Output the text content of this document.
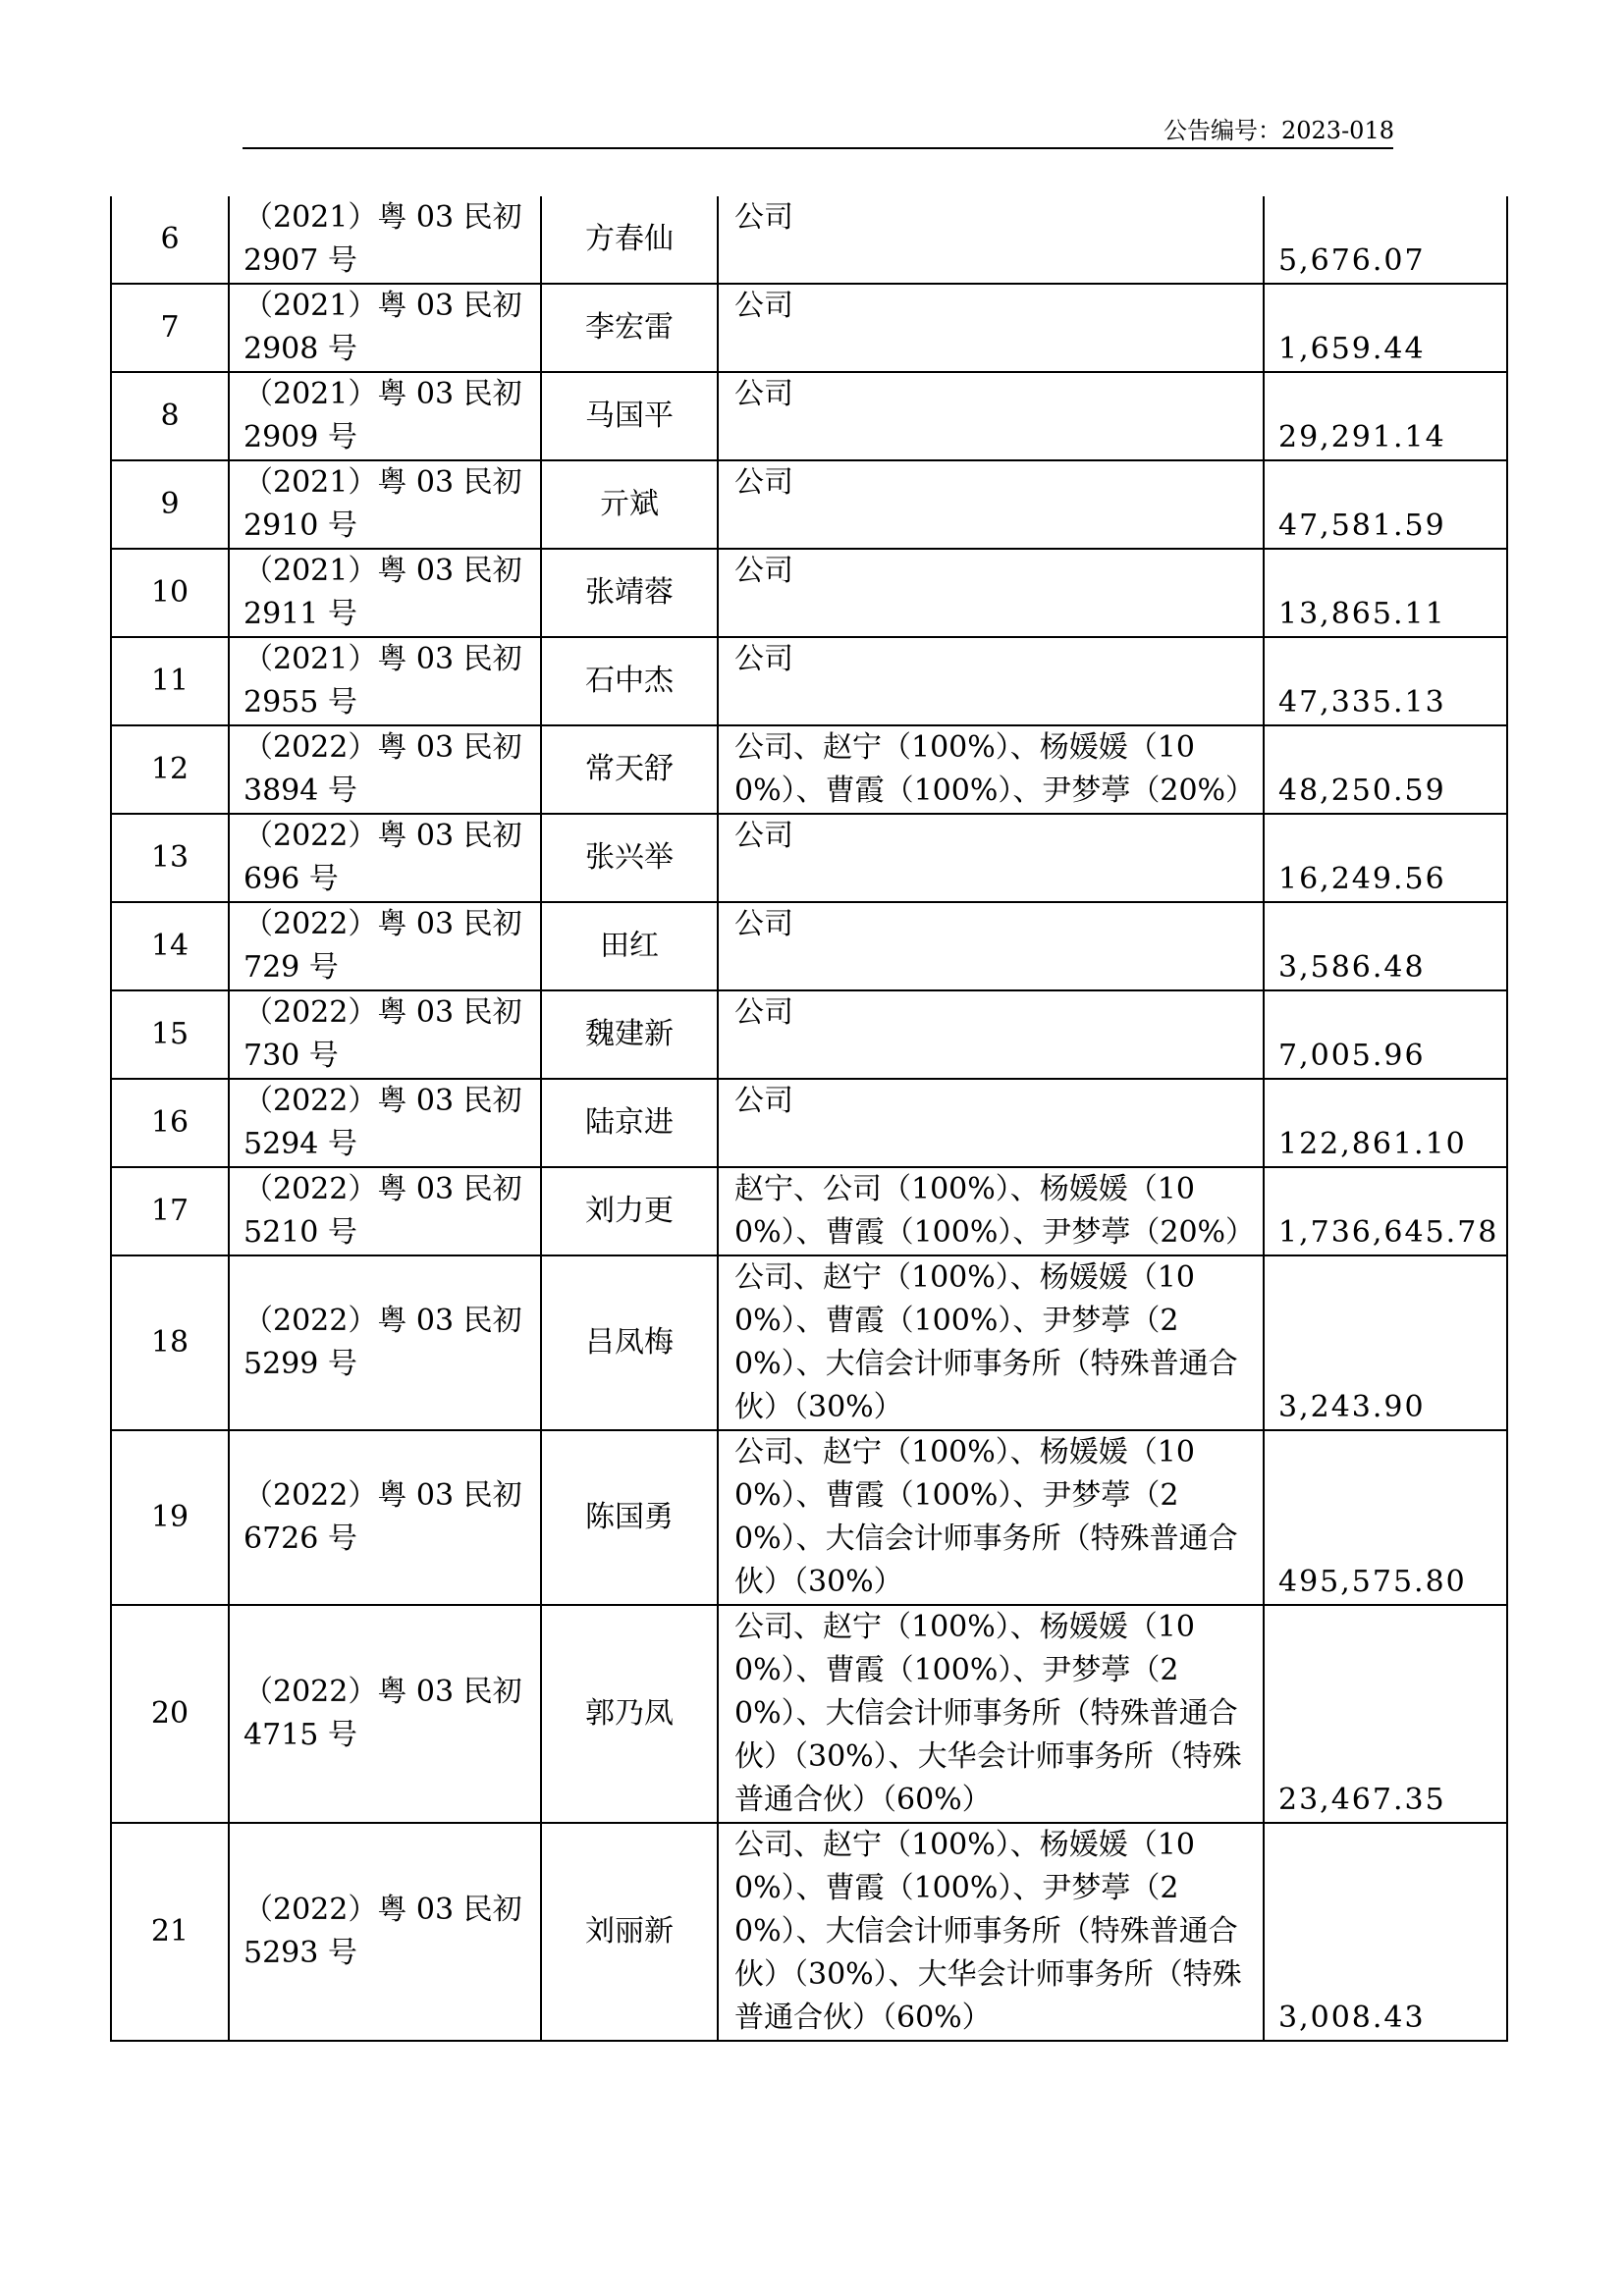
公告编号：2023-018
6	（2021）粤 03 民初 2907 号	方春仙	公司	5,676.07
7	（2021）粤 03 民初 2908 号	李宏雷	公司	1,659.44
8	（2021）粤 03 民初 2909 号	马国平	公司	29,291.14
9	（2021）粤 03 民初 2910 号	亓斌	公司	47,581.59
10	（2021）粤 03 民初 2911 号	张靖蓉	公司	13,865.11
11	（2021）粤 03 民初 2955 号	石中杰	公司	47,335.13
12	（2022）粤 03 民初 3894 号	常天舒	公司、赵宁（100%）、杨媛媛（100%）、曹霞（100%）、尹梦葶（20%）	48,250.59
13	（2022）粤 03 民初 696 号	张兴举	公司	16,249.56
14	（2022）粤 03 民初 729 号	田红	公司	3,586.48
15	（2022）粤 03 民初 730 号	魏建新	公司	7,005.96
16	（2022）粤 03 民初 5294 号	陆京进	公司	122,861.10
17	（2022）粤 03 民初 5210 号	刘力更	赵宁、公司（100%）、杨媛媛（100%）、曹霞（100%）、尹梦葶（20%）	1,736,645.78
18	（2022）粤 03 民初 5299 号	吕凤梅	公司、赵宁（100%）、杨媛媛（100%）、曹霞（100%）、尹梦葶（20%）、大信会计师事务所（特殊普通合伙）（30%）	3,243.90
19	（2022）粤 03 民初 6726 号	陈国勇	公司、赵宁（100%）、杨媛媛（100%）、曹霞（100%）、尹梦葶（20%）、大信会计师事务所（特殊普通合伙）（30%）	495,575.80
20	（2022）粤 03 民初 4715 号	郭乃凤	公司、赵宁（100%）、杨媛媛（100%）、曹霞（100%）、尹梦葶（20%）、大信会计师事务所（特殊普通合伙）（30%）、大华会计师事务所（特殊普通合伙）（60%）	23,467.35
21	（2022）粤 03 民初 5293 号	刘丽新	公司、赵宁（100%）、杨媛媛（100%）、曹霞（100%）、尹梦葶（20%）、大信会计师事务所（特殊普通合伙）（30%）、大华会计师事务所（特殊普通合伙）（60%）	3,008.43
